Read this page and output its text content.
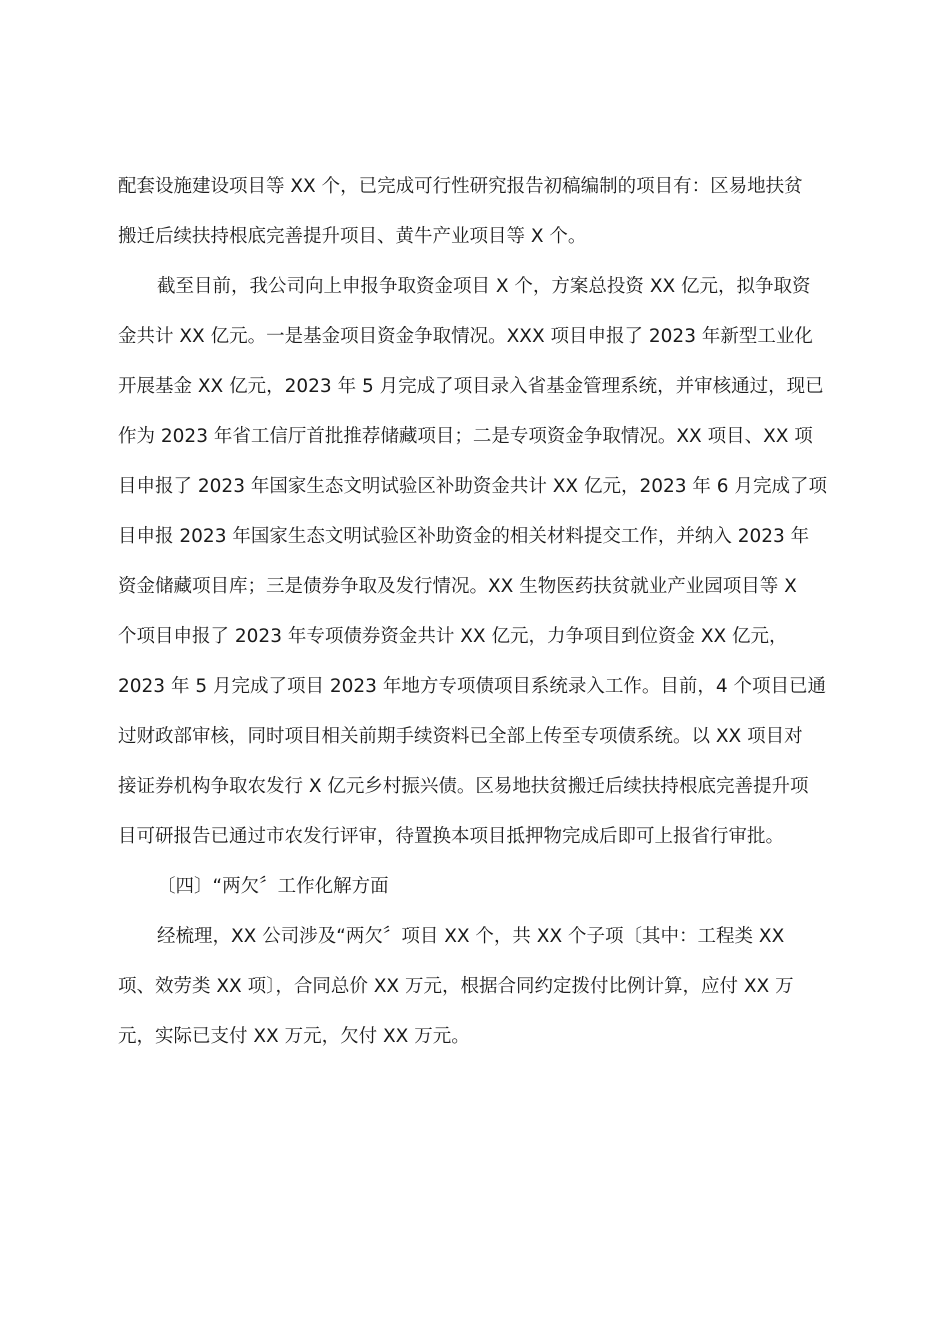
配套设施建设项目等 XX 个，已完成可行性研究报告初稿编制的项目有：区易地扶贫
搬迁后续扶持根底完善提升项目、黄牛产业项目等 X 个。
截至目前，我公司向上申报争取资金项目 X 个，方案总投资 XX 亿元，拟争取资
金共计 XX 亿元。一是基金项目资金争取情况。XXX 项目申报了 2023 年新型工业化
开展基金 XX 亿元，2023 年 5 月完成了项目录入省基金管理系统，并审核通过，现已
作为 2023 年省工信厅首批推荐储藏项目；二是专项资金争取情况。XX 项目、XX 项
目申报了 2023 年国家生态文明试验区补助资金共计 XX 亿元，2023 年 6 月完成了项
目申报 2023 年国家生态文明试验区补助资金的相关材料提交工作，并纳入 2023 年
资金储藏项目库；三是债券争取及发行情况。XX 生物医药扶贫就业产业园项目等 X
个项目申报了 2023 年专项债券资金共计 XX 亿元，力争项目到位资金 XX 亿元，
2023 年 5 月完成了项目 2023 年地方专项债项目系统录入工作。目前，4 个项目已通
过财政部审核，同时项目相关前期手续资料已全部上传至专项债系统。以 XX 项目对
接证券机构争取农发行 X 亿元乡村振兴债。区易地扶贫搬迁后续扶持根底完善提升项
目可研报告已通过市农发行评审，待置换本项目抵押物完成后即可上报省行审批。
〔四〕“两欠〞工作化解方面
经梳理，XX 公司涉及“两欠〞项目 XX 个，共 XX 个子项〔其中：工程类 XX
项、效劳类 XX 项〕，合同总价 XX 万元，根据合同约定拨付比例计算，应付 XX 万
元，实际已支付 XX 万元，欠付 XX 万元。
